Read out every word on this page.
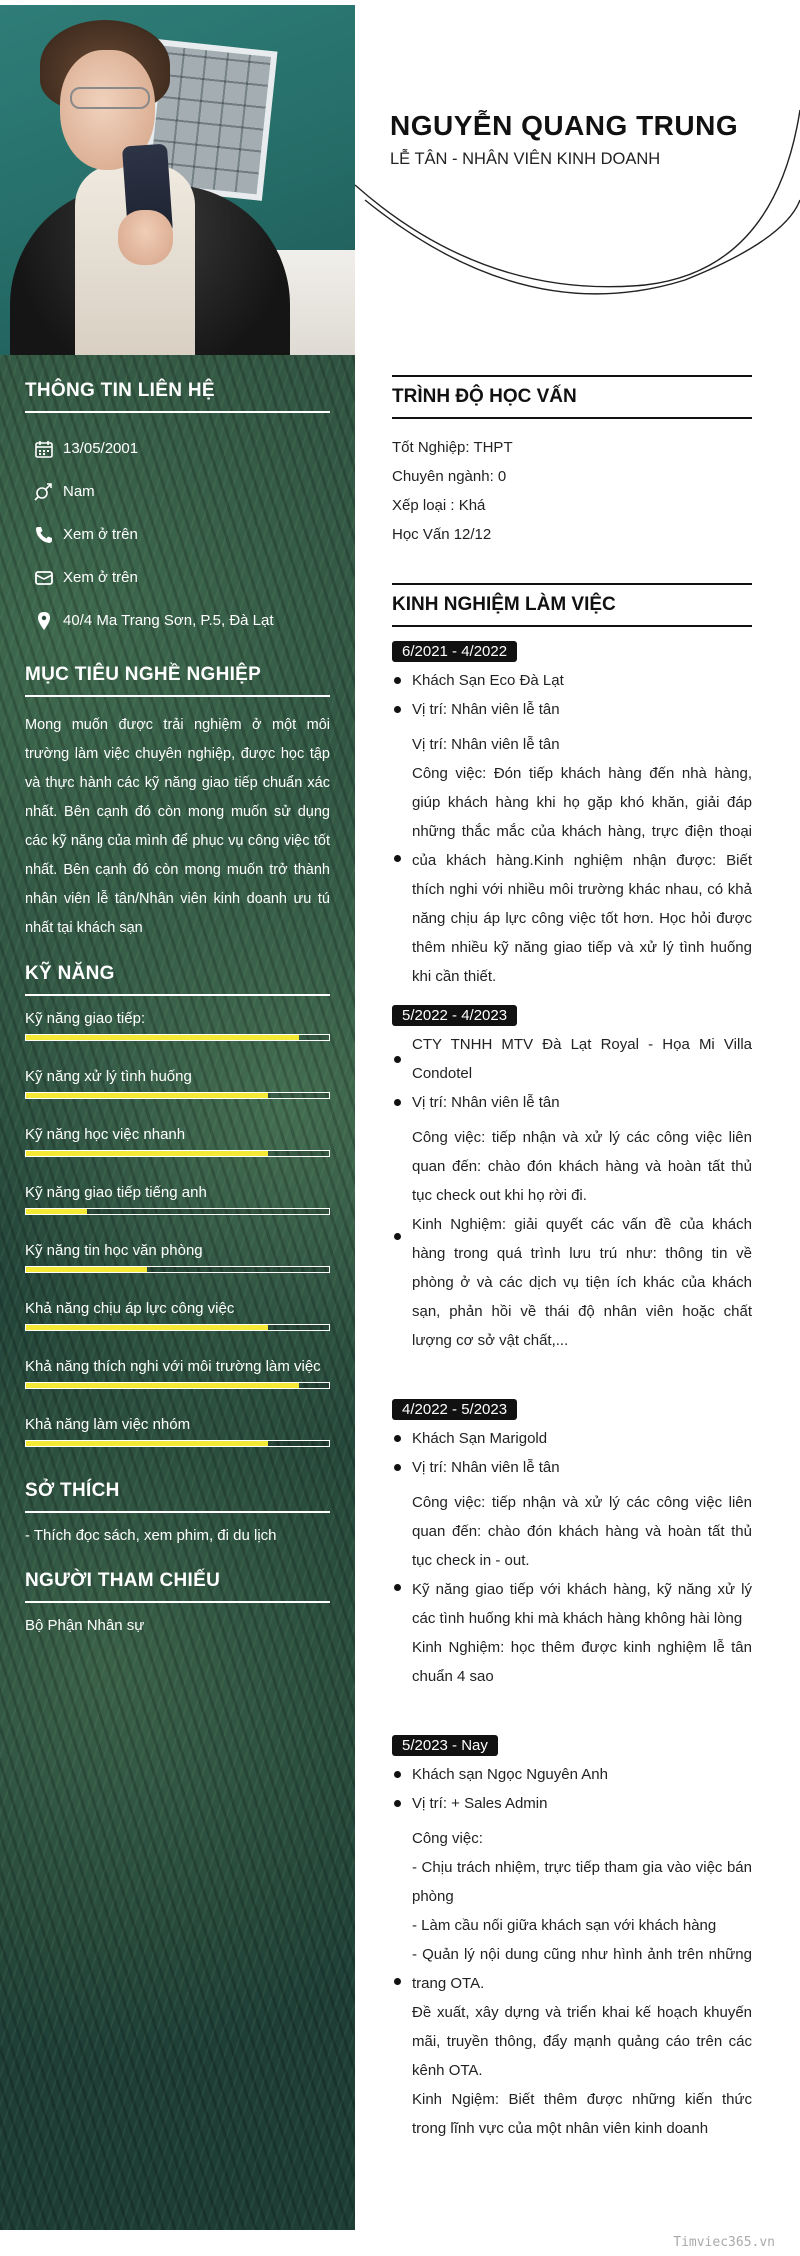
NGUYỄN QUANG TRUNG
LỄ TÂN - NHÂN VIÊN KINH DOANH
THÔNG TIN LIÊN HỆ
13/05/2001
Nam
Xem ở trên
Xem ở trên
40/4 Ma Trang Sơn, P.5, Đà Lạt
MỤC TIÊU NGHỀ NGHIỆP
Mong muốn được trải nghiệm ở một môi trường làm việc chuyên nghiệp, được học tập và thực hành các kỹ năng giao tiếp chuẩn xác nhất. Bên cạnh đó còn mong muốn sử dụng các kỹ năng của mình để phục vụ công việc tốt nhất. Bên cạnh đó còn mong muốn trở thành nhân viên lễ tân/Nhân viên kinh doanh ưu tú nhất tại khách sạn
KỸ NĂNG
Kỹ năng giao tiếp:
Kỹ năng xử lý tình huống
Kỹ năng học việc nhanh
Kỹ năng giao tiếp tiếng anh
Kỹ năng tin học văn phòng
Khả năng chịu áp lực công việc
Khả năng thích nghi với môi trường làm việc
Khả năng làm việc nhóm
SỞ THÍCH
- Thích đọc sách, xem phim, đi du lịch
NGƯỜI THAM CHIẾU
Bộ Phận Nhân sự
TRÌNH ĐỘ HỌC VẤN
Tốt Nghiệp: THPT
Chuyên ngành: 0
Xếp loại : Khá
Học Vấn 12/12
KINH NGHIỆM LÀM VIỆC
6/2021 - 4/2022
Khách Sạn Eco Đà Lạt
Vị trí: Nhân viên lễ tân

Vị trí: Nhân viên lễ tân

Công việc: Đón tiếp khách hàng đến nhà hàng, giúp khách hàng khi họ gặp khó khăn, giải đáp những thắc mắc của khách hàng, trực điện thoại của khách hàng.Kinh nghiệm nhận được: Biết thích nghi với nhiều môi trường khác nhau, có khả năng chịu áp lực công việc tốt hơn. Học hỏi được thêm nhiều kỹ năng giao tiếp và xử lý tình huống khi cần thiết.

5/2022 - 4/2023
CTY TNHH MTV Đà Lạt Royal - Họa Mi Villa Condotel
Vị trí: Nhân viên lễ tân

Công việc: tiếp nhận và xử lý các công việc liên quan đến: chào đón khách hàng và hoàn tất thủ tục check out khi họ rời đi.

Kinh Nghiệm: giải quyết các vấn đề của khách hàng trong quá trình lưu trú như: thông tin về phòng ở và các dịch vụ tiện ích khác của khách sạn, phản hồi về thái độ nhân viên hoặc chất lượng cơ sở vật chất,...

4/2022 - 5/2023
Khách Sạn Marigold
Vị trí: Nhân viên lễ tân

Công việc: tiếp nhận và xử lý các công việc liên quan đến: chào đón khách hàng và hoàn tất thủ tục check in - out.

Kỹ năng giao tiếp với khách hàng, kỹ năng xử lý các tình huống khi mà khách hàng không hài lòng

Kinh Nghiệm: học thêm được kinh nghiệm lễ tân chuẩn 4 sao

5/2023 - Nay
Khách sạn Ngọc Nguyên Anh
Vị trí: + Sales Admin

Công việc:

- Chịu trách nhiệm, trực tiếp tham gia vào việc bán phòng

- Làm cầu nối giữa khách sạn với khách hàng

- Quản lý nội dung cũng như hình ảnh trên những trang OTA.

Đề xuất, xây dựng và triển khai kế hoạch khuyến mãi, truyền thông, đẩy mạnh quảng cáo trên các kênh OTA.

Kinh Ngiệm: Biết thêm được những kiến thức trong lĩnh vực của một nhân viên kinh doanh

Timviec365.vn
